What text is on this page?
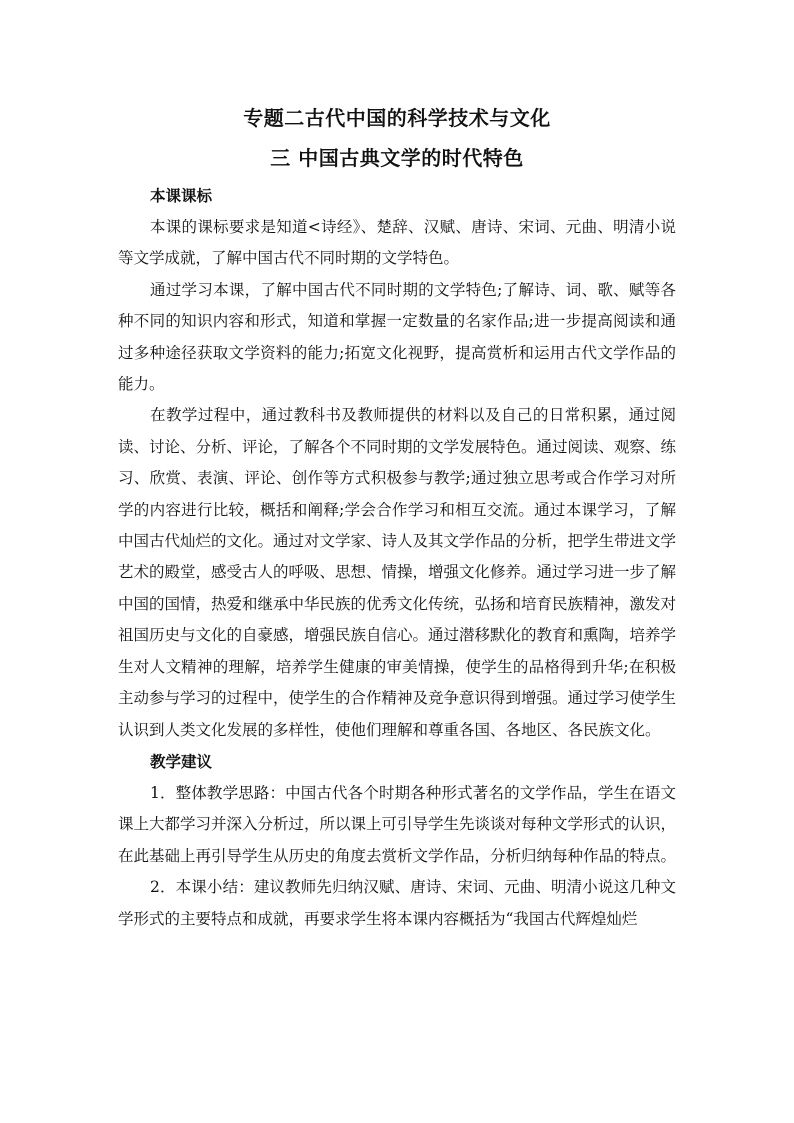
专题二古代中国的科学技术与文化
三 中国古典文学的时代特色

本课课标

本课的课标要求是知道<诗经》、楚辞、汉赋、唐诗、宋词、元曲、明清小说等文学成就，了解中国古代不同时期的文学特色。

通过学习本课，了解中国古代不同时期的文学特色;了解诗、词、歌、赋等各种不同的知识内容和形式，知道和掌握一定数量的名家作品;进一步提高阅读和通过多种途径获取文学资料的能力;拓宽文化视野，提高赏析和运用古代文学作品的能力。

在教学过程中，通过教科书及教师提供的材料以及自己的日常积累，通过阅读、讨论、分析、评论，了解各个不同时期的文学发展特色。通过阅读、观察、练习、欣赏、表演、评论、创作等方式积极参与教学;通过独立思考或合作学习对所学的内容进行比较，概括和阐释;学会合作学习和相互交流。通过本课学习，了解中国古代灿烂的文化。通过对文学家、诗人及其文学作品的分析，把学生带进文学艺术的殿堂，感受古人的呼吸、思想、情操，增强文化修养。通过学习进一步了解中国的国情，热爱和继承中华民族的优秀文化传统，弘扬和培育民族精神，激发对祖国历史与文化的自豪感，增强民族自信心。通过潜移默化的教育和熏陶，培养学生对人文精神的理解，培养学生健康的审美情操，使学生的品格得到升华;在积极主动参与学习的过程中，使学生的合作精神及竞争意识得到增强。通过学习使学生认识到人类文化发展的多样性，使他们理解和尊重各国、各地区、各民族文化。

教学建议

1．整体教学思路：中国古代各个时期各种形式著名的文学作品，学生在语文课上大都学习并深入分析过，所以课上可引导学生先谈谈对每种文学形式的认识，在此基础上再引导学生从历史的角度去赏析文学作品，分析归纳每种作品的特点。

2．本课小结：建议教师先归纳汉赋、唐诗、宋词、元曲、明清小说这几种文学形式的主要特点和成就，再要求学生将本课内容概括为“我国古代辉煌灿烂
